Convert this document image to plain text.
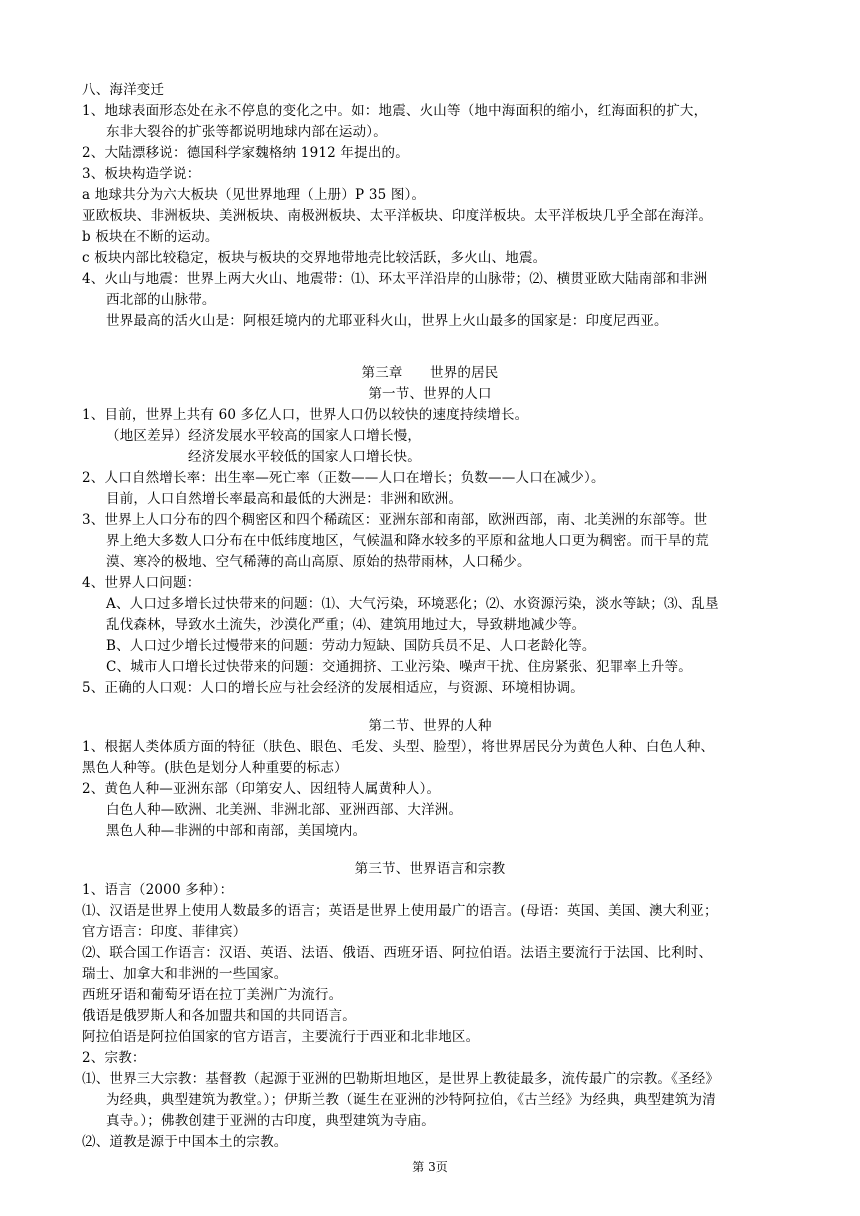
八、海洋变迁
1、地球表面形态处在永不停息的变化之中。如：地震、火山等（地中海面积的缩小，红海面积的扩大，
东非大裂谷的扩张等都说明地球内部在运动）。
2、大陆漂移说：德国科学家魏格纳 1912 年提出的。
3、板块构造学说：
a 地球共分为六大板块（见世界地理（上册）P 35 图）。
亚欧板块、非洲板块、美洲板块、南极洲板块、太平洋板块、印度洋板块。太平洋板块几乎全部在海洋。
b 板块在不断的运动。
c 板块内部比较稳定，板块与板块的交界地带地壳比较活跃，多火山、地震。
4、火山与地震：世界上两大火山、地震带：⑴、环太平洋沿岸的山脉带；⑵、横贯亚欧大陆南部和非洲
西北部的山脉带。
世界最高的活火山是：阿根廷境内的尤耶亚科火山，世界上火山最多的国家是：印度尼西亚。
第三章　　世界的居民
第一节、世界的人口
1、目前，世界上共有 60 多亿人口，世界人口仍以较快的速度持续增长。
（地区差异）经济发展水平较高的国家人口增长慢，
经济发展水平较低的国家人口增长快。
2、人口自然增长率：出生率—死亡率（正数——人口在增长；负数——人口在减少）。
目前，人口自然增长率最高和最低的大洲是：非洲和欧洲。
3、世界上人口分布的四个稠密区和四个稀疏区：亚洲东部和南部，欧洲西部，南、北美洲的东部等。世
界上绝大多数人口分布在中低纬度地区，气候温和降水较多的平原和盆地人口更为稠密。而干旱的荒
漠、寒冷的极地、空气稀薄的高山高原、原始的热带雨林，人口稀少。
4、世界人口问题：
A、人口过多增长过快带来的问题：⑴、大气污染，环境恶化；⑵、水资源污染，淡水等缺；⑶、乱垦
乱伐森林，导致水土流失，沙漠化严重；⑷、建筑用地过大，导致耕地减少等。
B、人口过少增长过慢带来的问题：劳动力短缺、国防兵员不足、人口老龄化等。
C、城市人口增长过快带来的问题：交通拥挤、工业污染、噪声干扰、住房紧张、犯罪率上升等。
5、正确的人口观：人口的增长应与社会经济的发展相适应，与资源、环境相协调。
第二节、世界的人种
1、根据人类体质方面的特征（肤色、眼色、毛发、头型、脸型），将世界居民分为黄色人种、白色人种、
黑色人种等。(肤色是划分人种重要的标志）
2、黄色人种—亚洲东部（印第安人、因纽特人属黄种人）。
白色人种—欧洲、北美洲、非洲北部、亚洲西部、大洋洲。
黑色人种—非洲的中部和南部，美国境内。
第三节、世界语言和宗教
1、语言（2000 多种）：
⑴、汉语是世界上使用人数最多的语言；英语是世界上使用最广的语言。(母语：英国、美国、澳大利亚；
官方语言：印度、菲律宾）
⑵、联合国工作语言：汉语、英语、法语、俄语、西班牙语、阿拉伯语。法语主要流行于法国、比利时、
瑞士、加拿大和非洲的一些国家。
西班牙语和葡萄牙语在拉丁美洲广为流行。
俄语是俄罗斯人和各加盟共和国的共同语言。
阿拉伯语是阿拉伯国家的官方语言，主要流行于西亚和北非地区。
2、宗教：
⑴、世界三大宗教：基督教（起源于亚洲的巴勒斯坦地区，是世界上教徒最多，流传最广的宗教。《圣经》
为经典，典型建筑为教堂。）；伊斯兰教（诞生在亚洲的沙特阿拉伯，《古兰经》为经典，典型建筑为清
真寺。）；佛教创建于亚洲的古印度，典型建筑为寺庙。
⑵、道教是源于中国本土的宗教。
第 3页
